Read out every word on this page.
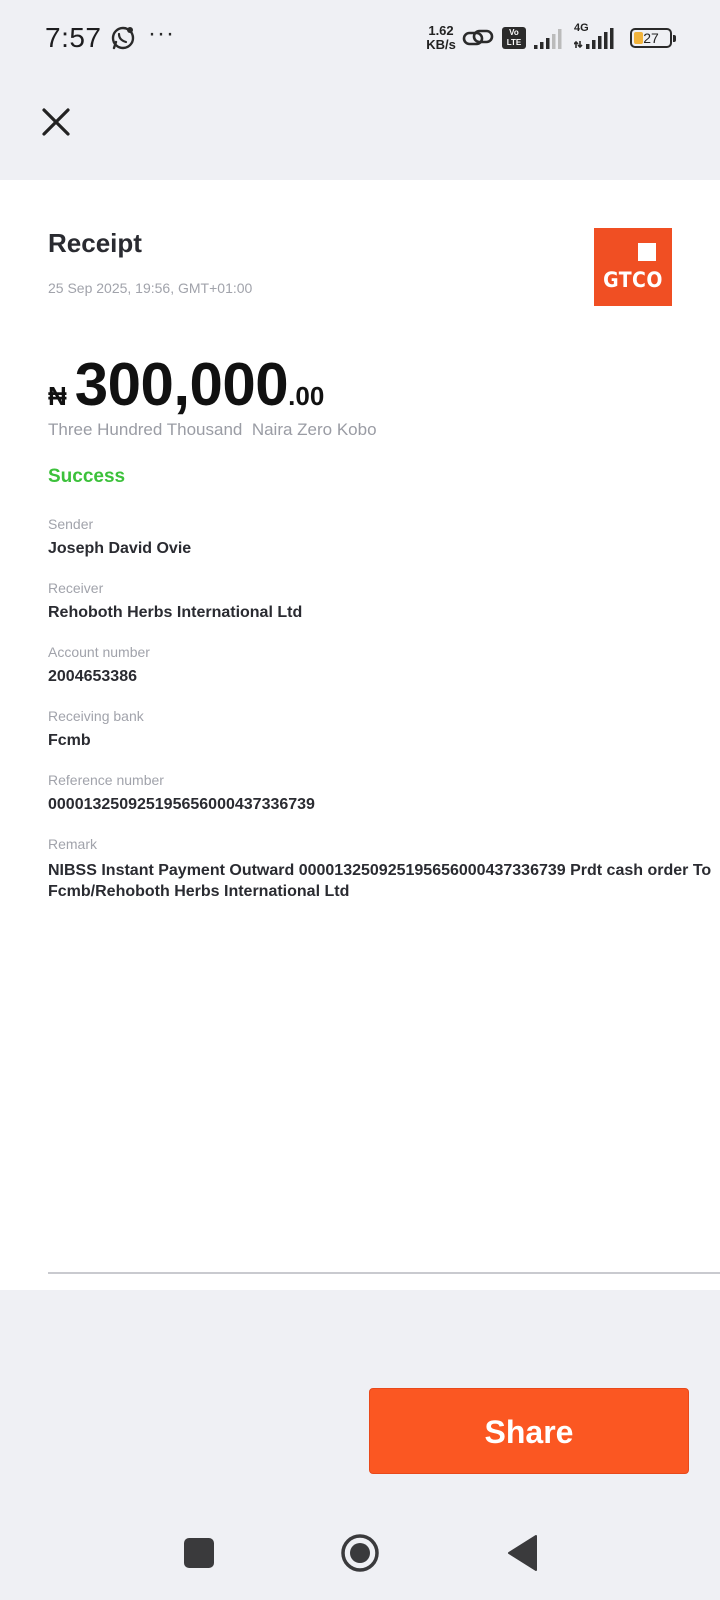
7:57 ···	1.62
KB/s
Vo
LTE
4G
27
Receipt
25 Sep 2025, 19:56, GMT+01:00	GTCO
₦ 300,000.00
Three Hundred Thousand  Naira Zero Kobo
Success
Sender
Joseph David Ovie
Receiver
Rehoboth Herbs International Ltd
Account number
2004653386
Receiving bank
Fcmb
Reference number
000013250925195656000437336739
Remark
NIBSS Instant Payment Outward 000013250925195656000437336739 Prdt cash order To Fcmb/Rehoboth Herbs International Ltd
Share
